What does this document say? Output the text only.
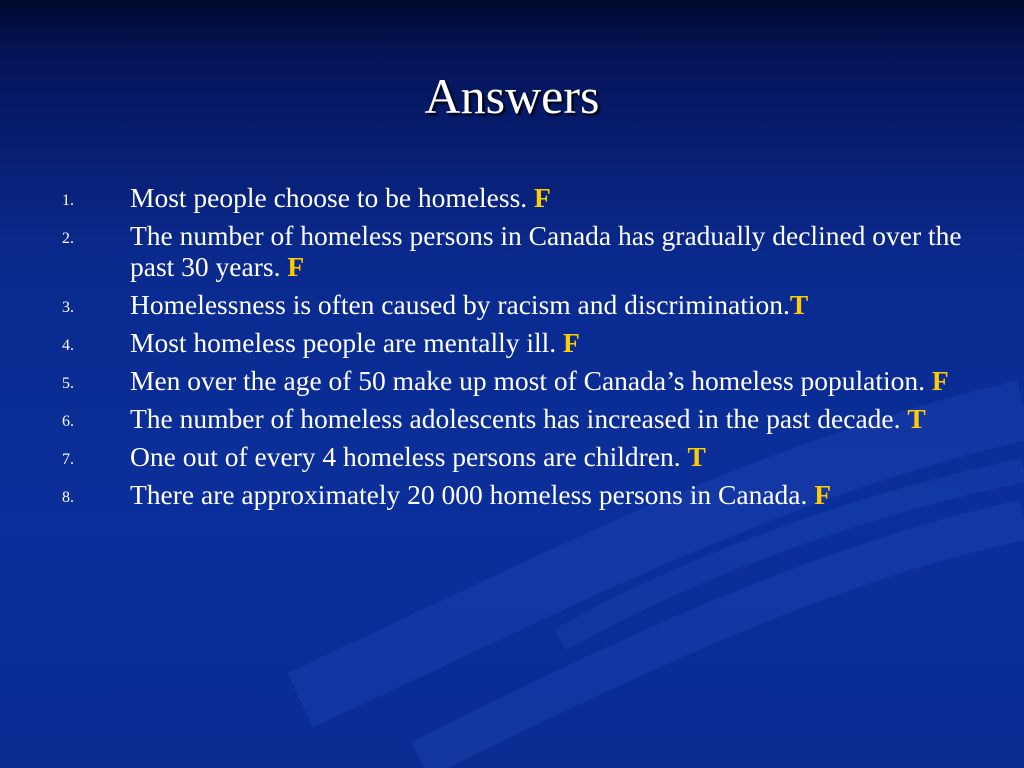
Answers
1. Most people choose to be homeless. F
2. The number of homeless persons in Canada has gradually declined over the past 30 years. F
3. Homelessness is often caused by racism and discrimination.T
4. Most homeless people are mentally ill. F
5. Men over the age of 50 make up most of Canada’s homeless population. F
6. The number of homeless adolescents has increased in the past decade. T
7. One out of every 4 homeless persons are children. T
8. There are approximately 20 000 homeless persons in Canada. F
